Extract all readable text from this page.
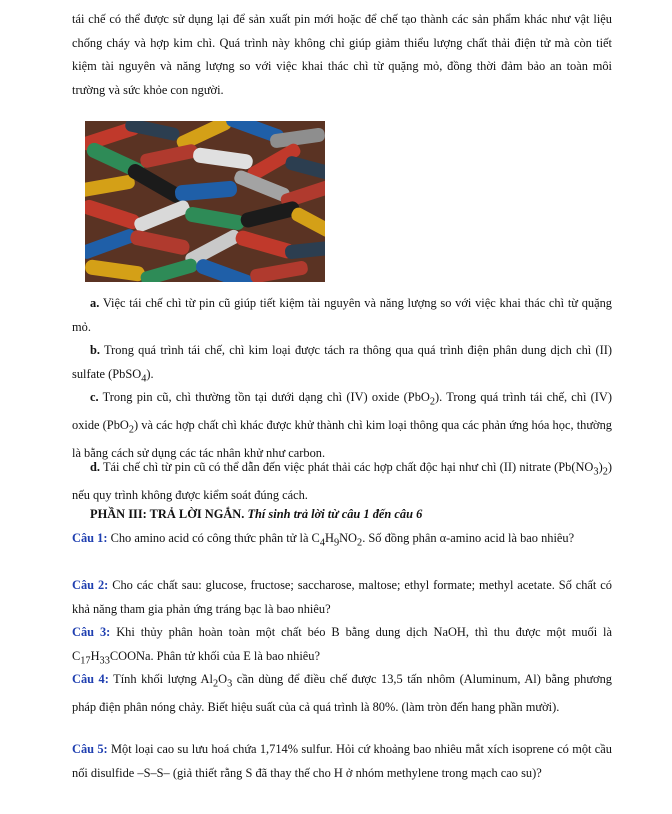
tái chế có thể được sử dụng lại để sản xuất pin mới hoặc để chế tạo thành các sản phẩm khác như vật liệu chống cháy và hợp kim chì. Quá trình này không chỉ giúp giảm thiểu lượng chất thải điện tử mà còn tiết kiệm tài nguyên và năng lượng so với việc khai thác chì từ quặng mỏ, đồng thời đảm bảo an toàn môi trường và sức khỏe con người.

a. Việc tái chế chì từ pin cũ giúp tiết kiệm tài nguyên và năng lượng so với việc khai thác chì từ quặng mỏ.

b. Trong quá trình tái chế, chì kim loại được tách ra thông qua quá trình điện phân dung dịch chì (II) sulfate (PbSO$_4$).

c. Trong pin cũ, chì thường tồn tại dưới dạng chì (IV) oxide (PbO$_2$). Trong quá trình tái chế, chì (IV) oxide (PbO$_2$) và các hợp chất chì khác được khử thành chì kim loại thông qua các phản ứng hóa học, thường là bằng cách sử dụng các tác nhân khử như carbon.

d. Tái chế chì từ pin cũ có thể dẫn đến việc phát thải các hợp chất độc hại như chì (II) nitrate $(Pb(NO_3)_2)$ nếu quy trình không được kiểm soát đúng cách.

PHẦN III: TRẢ LỜI NGẮN. Thí sinh trả lời từ câu 1 đến câu 6

Câu 1: Cho amino acid có công thức phân tử là $C_4H_9NO_2$. Số đồng phân α-amino acid là bao nhiêu?

Câu 2: Cho các chất sau: glucose, fructose; saccharose, maltose; ethyl formate; methyl acetate. Số chất có khả năng tham gia phản ứng tráng bạc là bao nhiêu?

Câu 3: Khi thủy phân hoàn toàn một chất béo B bằng dung dịch NaOH, thì thu được một muối là $C_{17}H_{33}COONa$. Phân tử khối của E là bao nhiêu?

Câu 4: Tính khối lượng $Al_2O_3$ cần dùng để điều chế được 13,5 tấn nhôm (Aluminum, Al) bằng phương pháp điện phân nóng chảy. Biết hiệu suất của cả quá trình là 80%. (làm tròn đến hang phần mười).

Câu 5: Một loại cao su lưu hoá chứa 1,714% sulfur. Hỏi cứ khoảng bao nhiêu mắt xích isoprene có một cầu nối disulfide –S–S– (giả thiết rằng S đã thay thế cho H ở nhóm methylene trong mạch cao su)?
